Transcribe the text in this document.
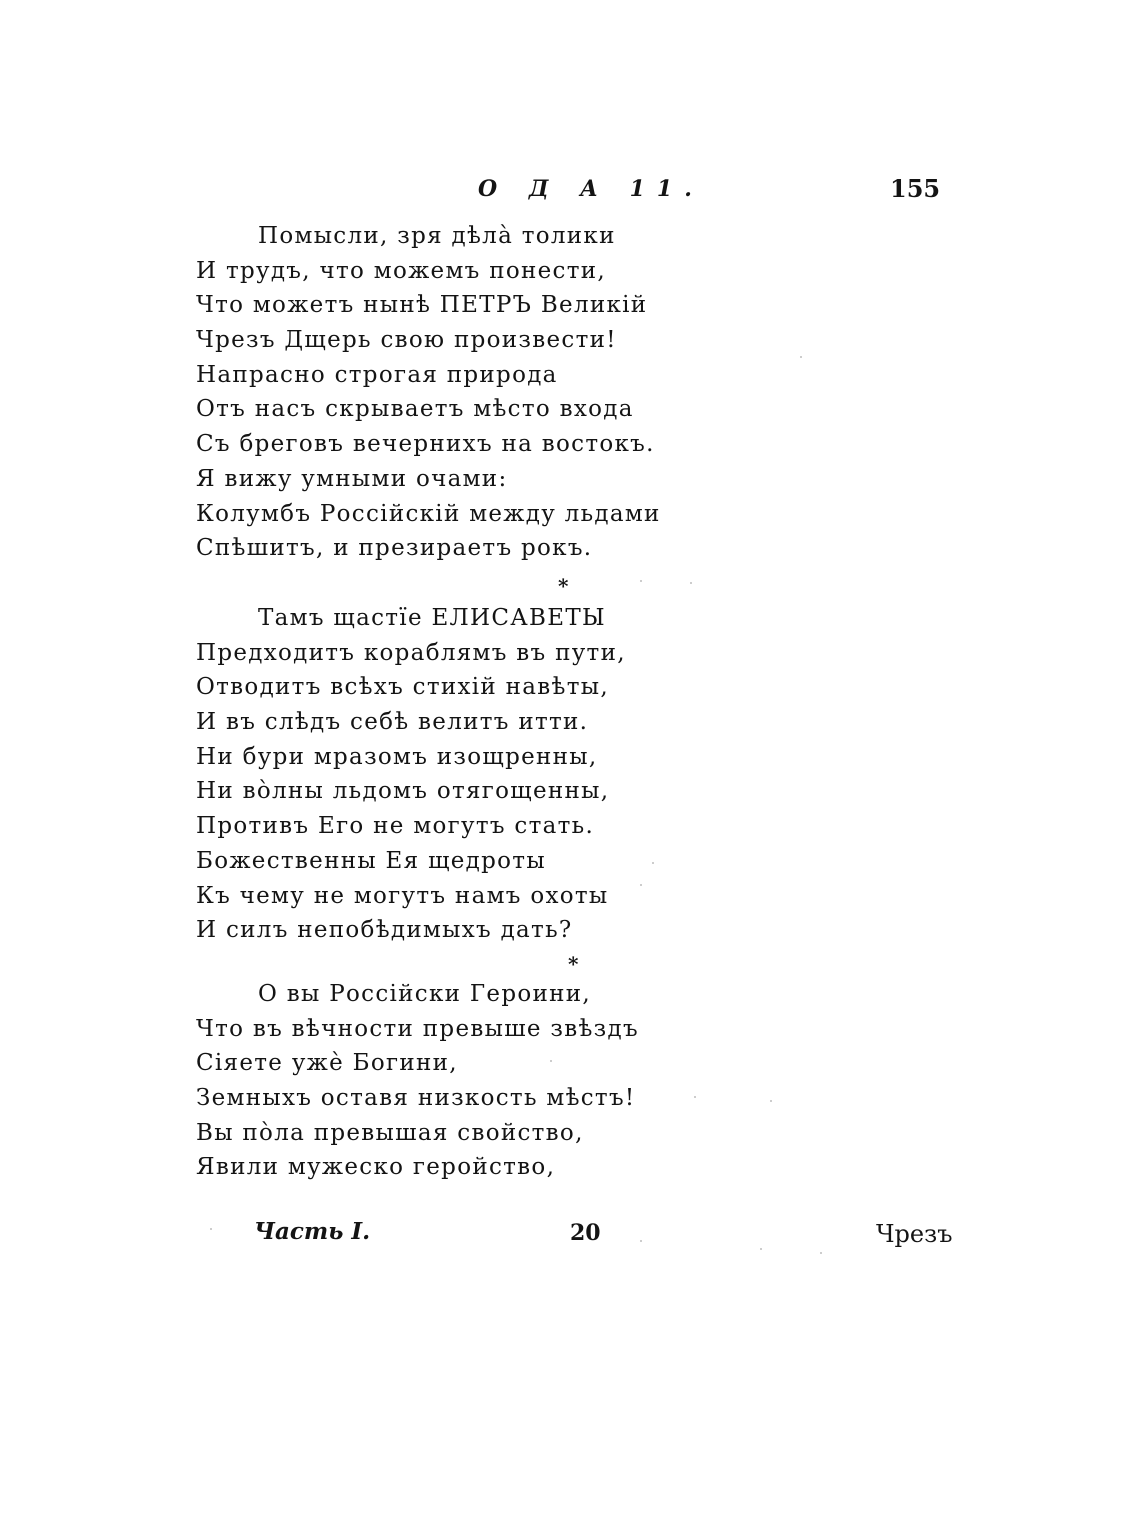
О Д А 11.	155
Помысли, зря дѣла̀ толики
И трудъ, что можемъ понести,
Что можетъ нынѣ ПЕТРЪ Великій
Чрезъ Дщерь свою произвести!
Напрасно строгая природа
Отъ насъ скрываетъ мѣсто входа
Съ бреговъ вечернихъ на востокъ.
Я вижу умными очами:
Колумбъ Россійскій между льдами
Спѣшитъ, и презираетъ рокъ.
*
Тамъ щастїе ЕЛИСАВЕТЫ
Предходитъ кораблямъ въ пути,
Отводитъ всѣхъ стихій навѣты,
И въ слѣдъ себѣ велитъ итти.
Ни бури мразомъ изощренны,
Ни во̀лны льдомъ отягощенны,
Противъ Его не могутъ стать.
Божественны Ея щедроты
Къ чему не могутъ намъ охоты
И силъ непобѣдимыхъ дать?
*
О вы Россійски Героини,
Что въ вѣчности превыше звѣздъ
Сіяете ужѐ Богини,
Земныхъ оставя низкость мѣстъ!
Вы по̀ла превышая свойство,
Явили мужеско геройство,
Часть I.	20	Чрезъ
